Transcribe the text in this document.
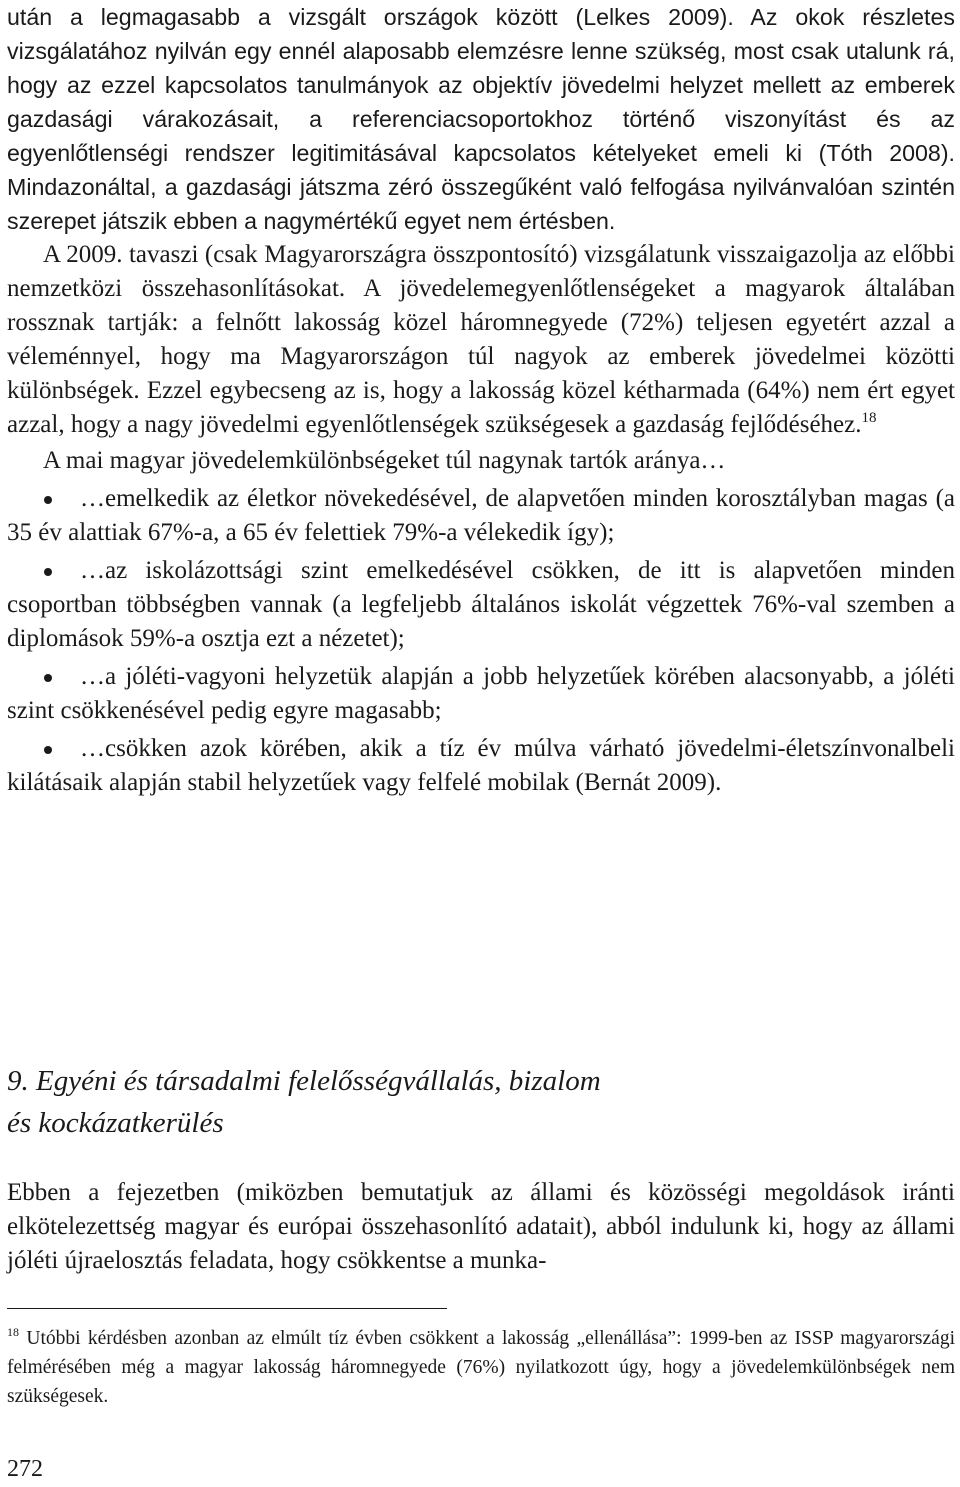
után a legmagasabb a vizsgált országok között (Lelkes 2009). Az okok részletes vizsgálatához nyilván egy ennél alaposabb elemzésre lenne szükség, most csak utalunk rá, hogy az ezzel kapcsolatos tanulmányok az objektív jövedelmi helyzet mellett az emberek gazdasági várakozásait, a referenciacsoportokhoz történő viszonyítást és az egyenlőtlenségi rendszer legitimitásával kapcsolatos kételyeket emeli ki (Tóth 2008). Mindazonáltal, a gazdasági játszma zéró összegűként való felfogása nyilvánvalóan szintén szerepet játszik ebben a nagymértékű egyet nem értésben.

A 2009. tavaszi (csak Magyarországra összpontosító) vizsgálatunk visszaigazolja az előbbi nemzetközi összehasonlításokat. A jövedelemegyenlőtlenségeket a magyarok általában rossznak tartják: a felnőtt lakosság közel háromnegyede (72%) teljesen egyetért azzal a véleménnyel, hogy ma Magyarországon túl nagyok az emberek jövedelmei közötti különbségek. Ezzel egybecseng az is, hogy a lakosság közel kétharmada (64%) nem ért egyet azzal, hogy a nagy jövedelmi egyenlőtlenségek szükségesek a gazdaság fejlődéséhez.$^{18}$

A mai magyar jövedelemkülönbségeket túl nagynak tartók aránya…

…emelkedik az életkor növekedésével, de alapvetően minden korosztályban magas (a 35 év alattiak 67%-a, a 65 év felettiek 79%-a vélekedik így);
…az iskolázottsági szint emelkedésével csökken, de itt is alapvetően minden csoportban többségben vannak (a legfeljebb általános iskolát végzettek 76%-val szemben a diplomások 59%-a osztja ezt a nézetet);
…a jóléti-vagyoni helyzetük alapján a jobb helyzetűek körében alacsonyabb, a jóléti szint csökkenésével pedig egyre magasabb;
…csökken azok körében, akik a tíz év múlva várható jövedelmi-életszínvonalbeli kilátásaik alapján stabil helyzetűek vagy felfelé mobilak (Bernát 2009).
9. Egyéni és társadalmi felelősségvállalás, bizalom
és kockázatkerülés

Ebben a fejezetben (miközben bemutatjuk az állami és közösségi megoldások iránti elkötelezettség magyar és európai összehasonlító adatait), abból indulunk ki, hogy az állami jóléti újraelosztás feladata, hogy csökkentse a munka-

$^{18}$ Utóbbi kérdésben azonban az elmúlt tíz évben csökkent a lakosság „ellenállása”: 1999-ben az ISSP magyarországi felmérésében még a magyar lakosság háromnegyede (76%) nyilatkozott úgy, hogy a jövedelemkülönbségek nem szükségesek.

272
